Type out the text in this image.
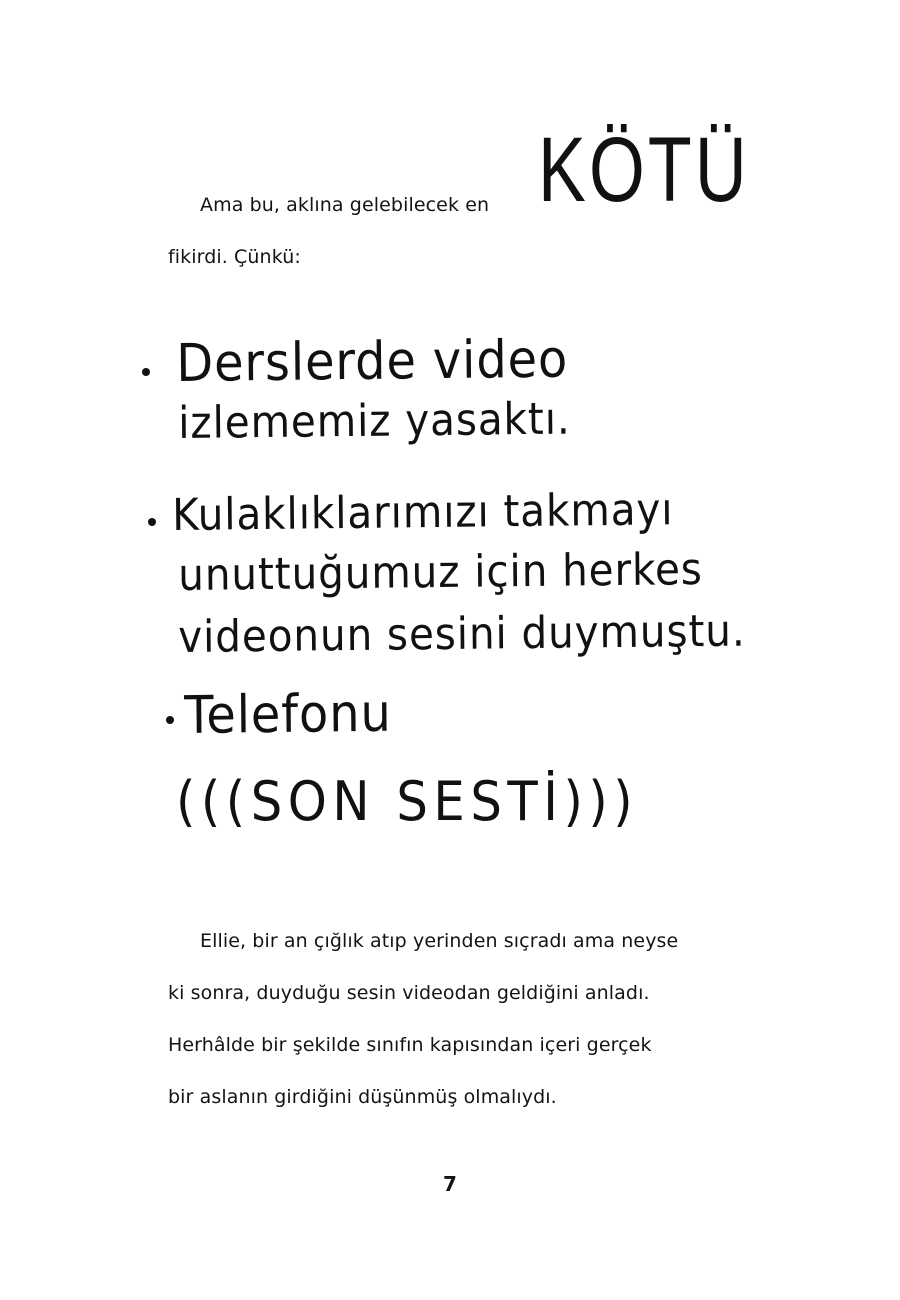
Ama bu, aklına gelebilecek en KÖTÜ
fikirdi. Çünkü:
Derslerde video
izlememiz yasaktı.
Kulaklıklarımızı takmayı
unuttuğumuz için herkes
videonun sesini duymuştu.
Telefonu
(((SON SESTİ)))
Ellie, bir an çığlık atıp yerinden sıçradı ama neyse
ki sonra, duyduğu sesin videodan geldiğini anladı.
Herhâlde bir şekilde sınıfın kapısından içeri gerçek
bir aslanın girdiğini düşünmüş olmalıydı.
7
